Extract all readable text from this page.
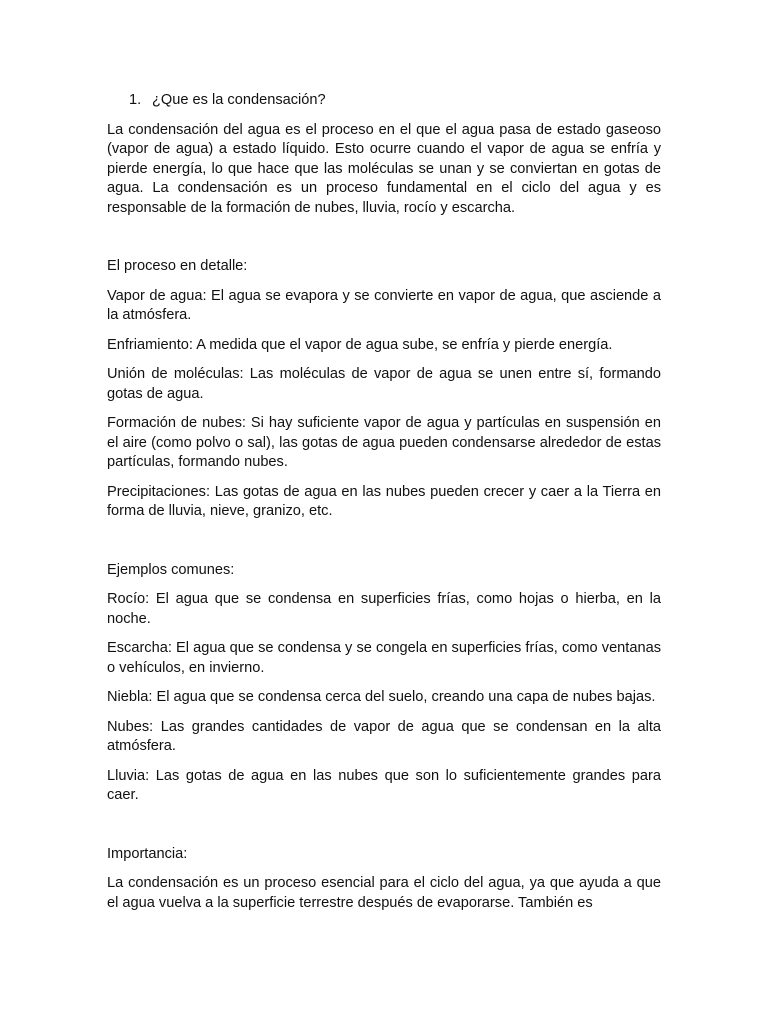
1. ¿Que es la condensación?

La condensación del agua es el proceso en el que el agua pasa de estado gaseoso (vapor de agua) a estado líquido. Esto ocurre cuando el vapor de agua se enfría y pierde energía, lo que hace que las moléculas se unan y se conviertan en gotas de agua. La condensación es un proceso fundamental en el ciclo del agua y es responsable de la formación de nubes, lluvia, rocío y escarcha.

El proceso en detalle:

Vapor de agua: El agua se evapora y se convierte en vapor de agua, que asciende a la atmósfera.

Enfriamiento: A medida que el vapor de agua sube, se enfría y pierde energía.

Unión de moléculas: Las moléculas de vapor de agua se unen entre sí, formando gotas de agua.

Formación de nubes: Si hay suficiente vapor de agua y partículas en suspensión en el aire (como polvo o sal), las gotas de agua pueden condensarse alrededor de estas partículas, formando nubes.

Precipitaciones: Las gotas de agua en las nubes pueden crecer y caer a la Tierra en forma de lluvia, nieve, granizo, etc.

Ejemplos comunes:

Rocío: El agua que se condensa en superficies frías, como hojas o hierba, en la noche.

Escarcha: El agua que se condensa y se congela en superficies frías, como ventanas o vehículos, en invierno.

Niebla: El agua que se condensa cerca del suelo, creando una capa de nubes bajas.

Nubes: Las grandes cantidades de vapor de agua que se condensan en la alta atmósfera.

Lluvia: Las gotas de agua en las nubes que son lo suficientemente grandes para caer.

Importancia:

La condensación es un proceso esencial para el ciclo del agua, ya que ayuda a que el agua vuelva a la superficie terrestre después de evaporarse. También es
